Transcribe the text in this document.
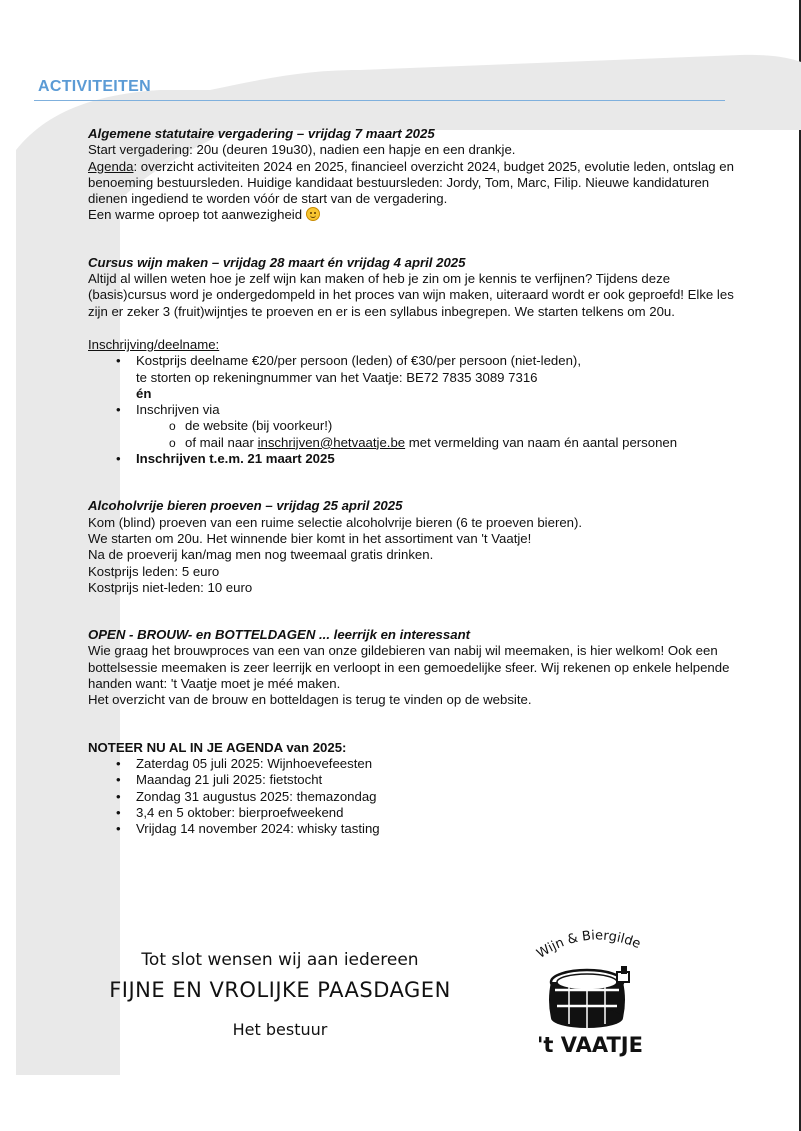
ACTIVITEITEN

Algemene statutaire vergadering – vrijdag 7 maart 2025

Start vergadering: 20u (deuren 19u30), nadien een hapje en een drankje.

Agenda: overzicht activiteiten 2024 en 2025, financieel overzicht 2024, budget 2025, evolutie leden, ontslag en benoeming bestuursleden. Huidige kandidaat bestuursleden: Jordy, Tom, Marc, Filip. Nieuwe kandidaturen dienen ingediend te worden vóór de start van de vergadering.

Een warme oproep tot aanwezigheid

Cursus wijn maken – vrijdag 28 maart én vrijdag 4 april 2025

Altijd al willen weten hoe je zelf wijn kan maken of heb je zin om je kennis te verfijnen? Tijdens deze (basis)cursus word je ondergedompeld in het proces van wijn maken, uiteraard wordt er ook geproefd! Elke les zijn er zeker 3 (fruit)wijntjes te proeven en er is een syllabus inbegrepen. We starten telkens om 20u.

Inschrijving/deelname:

• Kostprijs deelname €20/per persoon (leden) of €30/per persoon (niet-leden),
te storten op rekeningnummer van het Vaatje: BE72 7835 3089 7316
én
• Inschrijven via
o de website (bij voorkeur!)
o of mail naar inschrijven@hetvaatje.be met vermelding van naam én aantal personen
• Inschrijven t.e.m. 21 maart 2025

Alcoholvrije bieren proeven – vrijdag 25 april 2025

Kom (blind) proeven van een ruime selectie alcoholvrije bieren (6 te proeven bieren).

We starten om 20u. Het winnende bier komt in het assortiment van 't Vaatje!

Na de proeverij kan/mag men nog tweemaal gratis drinken.

Kostprijs leden: 5 euro

Kostprijs niet-leden: 10 euro

OPEN - BROUW- en BOTTELDAGEN ... leerrijk en interessant

Wie graag het brouwproces van een van onze gildebieren van nabij wil meemaken, is hier welkom! Ook een bottelsessie meemaken is zeer leerrijk en verloopt in een gemoedelijke sfeer. Wij rekenen op enkele helpende handen want: 't Vaatje moet je méé maken.

Het overzicht van de brouw en botteldagen is terug te vinden op de website.

NOTEER NU AL IN JE AGENDA van 2025:

• Zaterdag 05 juli 2025: Wijnhoevefeesten
• Maandag 21 juli 2025: fietstocht
• Zondag 31 augustus 2025: themazondag
• 3,4 en 5 oktober: bierproefweekend
• Vrijdag 14 november 2024: whisky tasting
Tot slot wensen wij aan iedereen
FIJNE EN VROLIJKE PAASDAGEN
Het bestuur
Wijn & Biergilde
't VAATJE
